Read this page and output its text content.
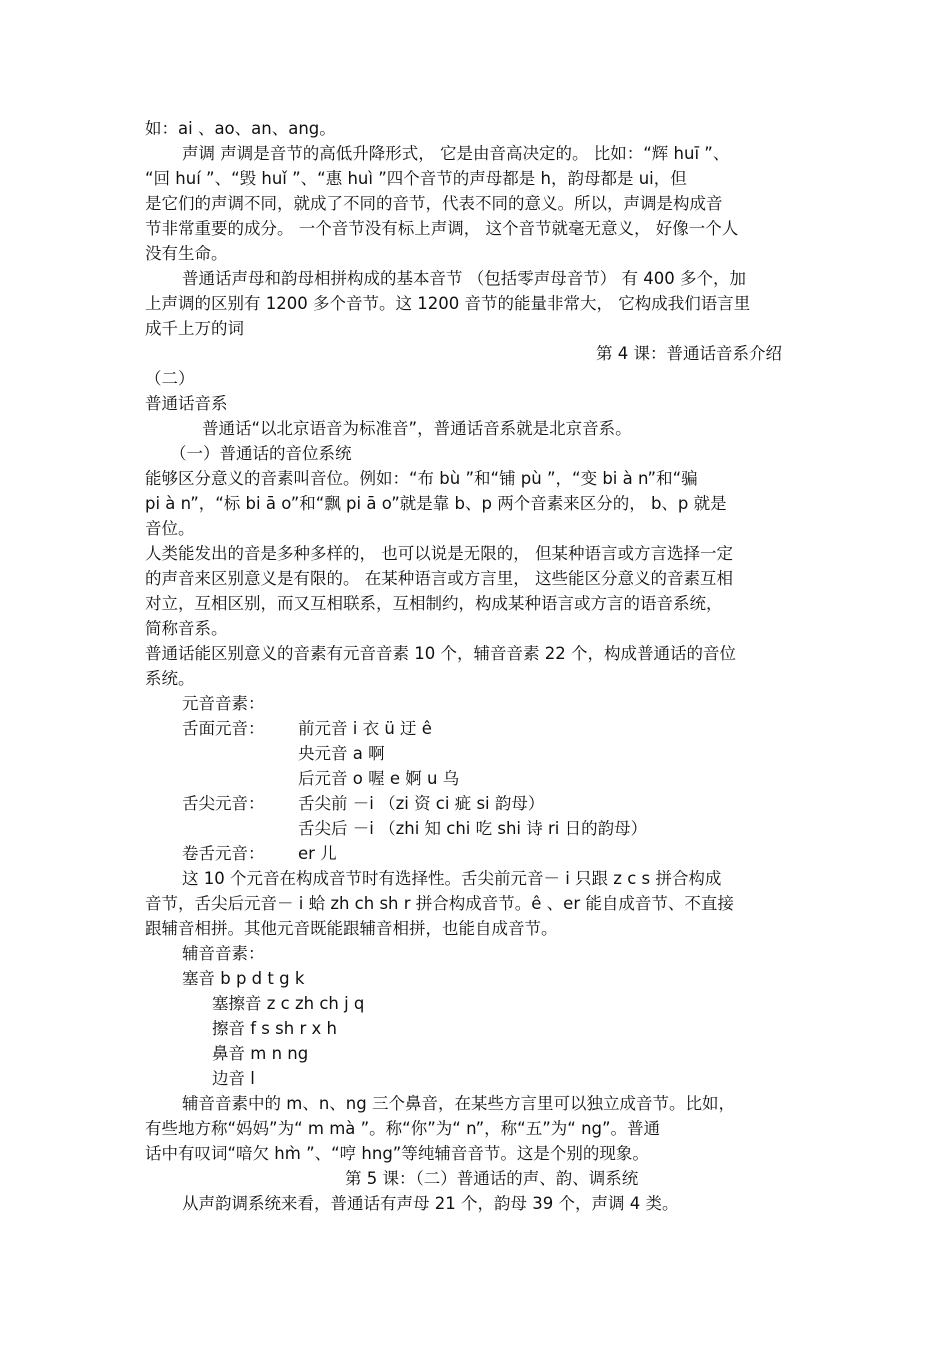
如：ai 、ao、an、ang。
声调 声调是音节的高低升降形式， 它是由音高决定的。 比如：“辉 huī ”、
“回 huí ”、“毁 huǐ ”、“惠 huì ”四个音节的声母都是 h，韵母都是 ui，但
是它们的声调不同，就成了不同的音节，代表不同的意义。所以，声调是构成音
节非常重要的成分。 一个音节没有标上声调， 这个音节就毫无意义， 好像一个人
没有生命。
普通话声母和韵母相拼构成的基本音节 （包括零声母音节） 有 400 多个，加
上声调的区别有 1200 多个音节。这 1200 音节的能量非常大， 它构成我们语言里
成千上万的词
第 4 课：普通话音系介绍
（二）
普通话音系
普通话“以北京语音为标准音”，普通话音系就是北京音系。
（一）普通话的音位系统
能够区分意义的音素叫音位。例如：“布 bù ”和“铺 pù ”，“变 bi à n”和“骗
pi à n”，“标 bi ā o”和“飘 pi ā o”就是靠 b、p 两个音素来区分的， b、p 就是
音位。
人类能发出的音是多种多样的， 也可以说是无限的， 但某种语言或方言选择一定
的声音来区别意义是有限的。 在某种语言或方言里， 这些能区分意义的音素互相
对立，互相区别，而又互相联系，互相制约，构成某种语言或方言的语音系统，
简称音系。
普通话能区别意义的音素有元音音素 10 个，辅音音素 22 个，构成普通话的音位
系统。
元音音素：
舌面元音： 前元音 i 衣 ü 迂 ê
央元音 a 啊
后元音 o 喔 e 婀 u 乌
舌尖元音： 舌尖前 －i （zi 资 ci 疵 si 韵母）
舌尖后 －i （zhi 知 chi 吃 shi 诗 ri 日的韵母）
卷舌元音： er 儿
这 10 个元音在构成音节时有选择性。舌尖前元音－ i 只跟 z c s 拼合构成
音节，舌尖后元音－ i 蛤 zh ch sh r 拼合构成音节。ê 、er 能自成音节、不直接
跟辅音相拼。其他元音既能跟辅音相拼，也能自成音节。
辅音音素：
塞音 b p d t g k
塞擦音 z c zh ch j q
擦音 f s sh r x h
鼻音 m n ng
边音 l
辅音音素中的 m、n、ng 三个鼻音，在某些方言里可以独立成音节。比如，
有些地方称“妈妈”为“ m mà ”。称“你”为“ n”，称“五”为“ ng”。普通
话中有叹词“喑欠 hm̀ ”、“哼 hng”等纯辅音音节。这是个别的现象。
第 5 课：（二）普通话的声、韵、调系统
从声韵调系统来看，普通话有声母 21 个，韵母 39 个，声调 4 类。
